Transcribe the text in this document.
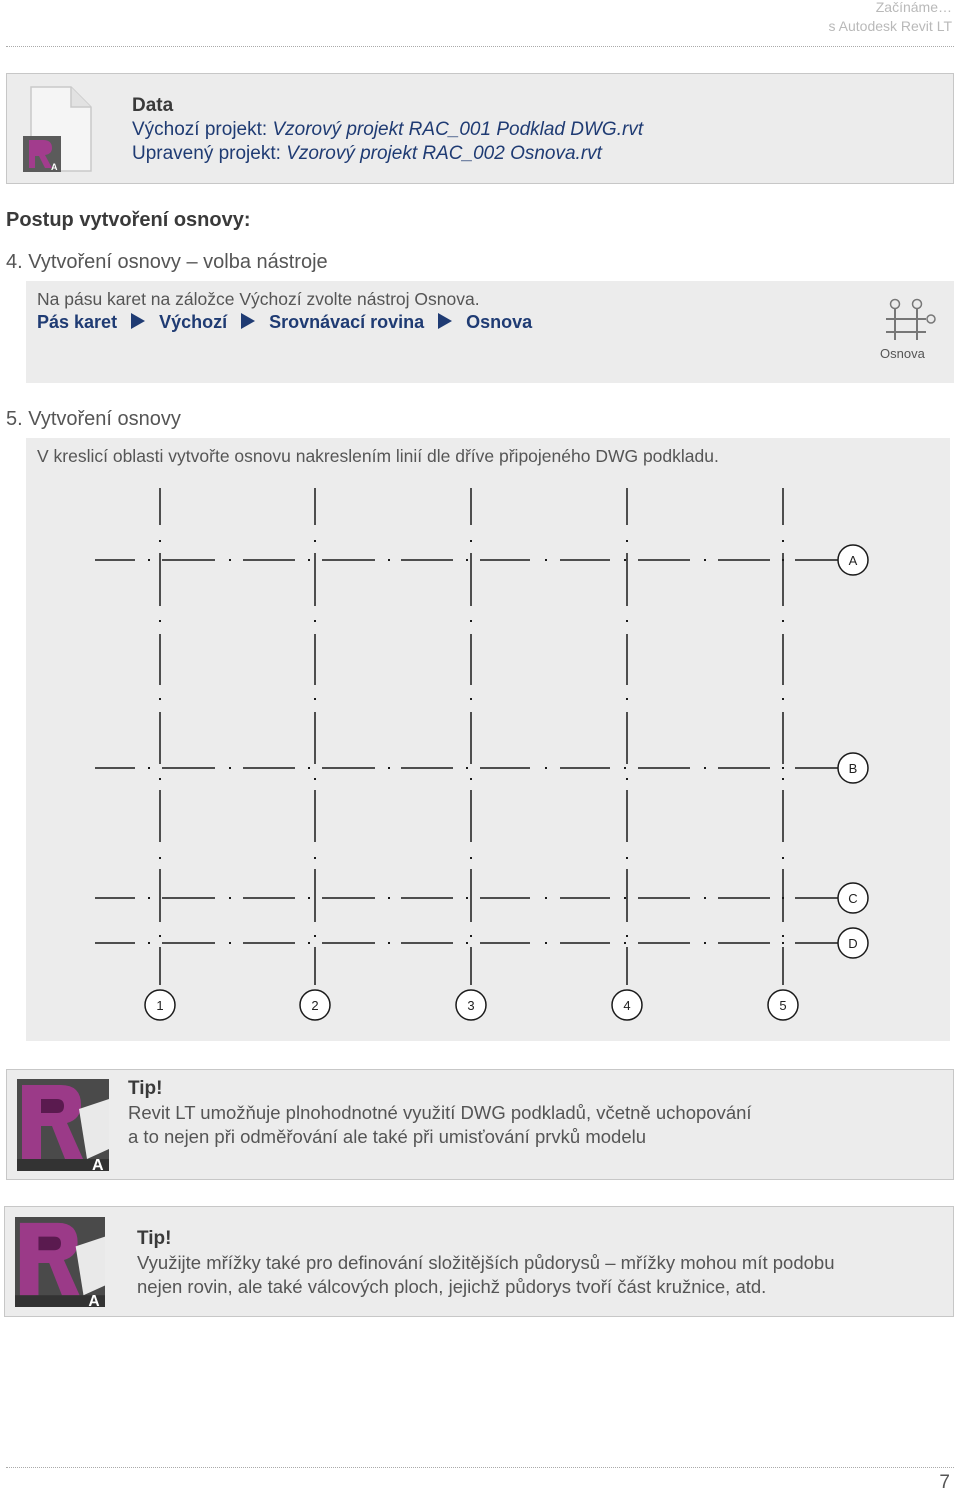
Začínáme…
s Autodesk Revit LT
A
Data
Výchozí projekt: Vzorový projekt RAC_001 Podklad DWG.rvt
Upravený projekt: Vzorový projekt RAC_002 Osnova.rvt
Postup vytvoření osnovy:
4. Vytvoření osnovy – volba nástroje
Na pásu karet na záložce Výchozí zvolte nástroj Osnova.
Pás karet Výchozí Srovnávací rovina Osnova
Osnova
5. Vytvoření osnovy
V kreslicí oblasti vytvořte osnovu nakreslením linií dle dříve připojeného DWG podkladu.
1	2	3	4	5
A
B
C
D
A
Tip!
Revit LT umožňuje plnohodnotné využití DWG podkladů, včetně uchopování
a to nejen při odměřování ale také při umisťování prvků modelu
A
Tip!
Využijte mřížky také pro definování složitějších půdorysů – mřížky mohou mít podobu
nejen rovin, ale také válcových ploch, jejichž půdorys tvoří část kružnice, atd.
7
